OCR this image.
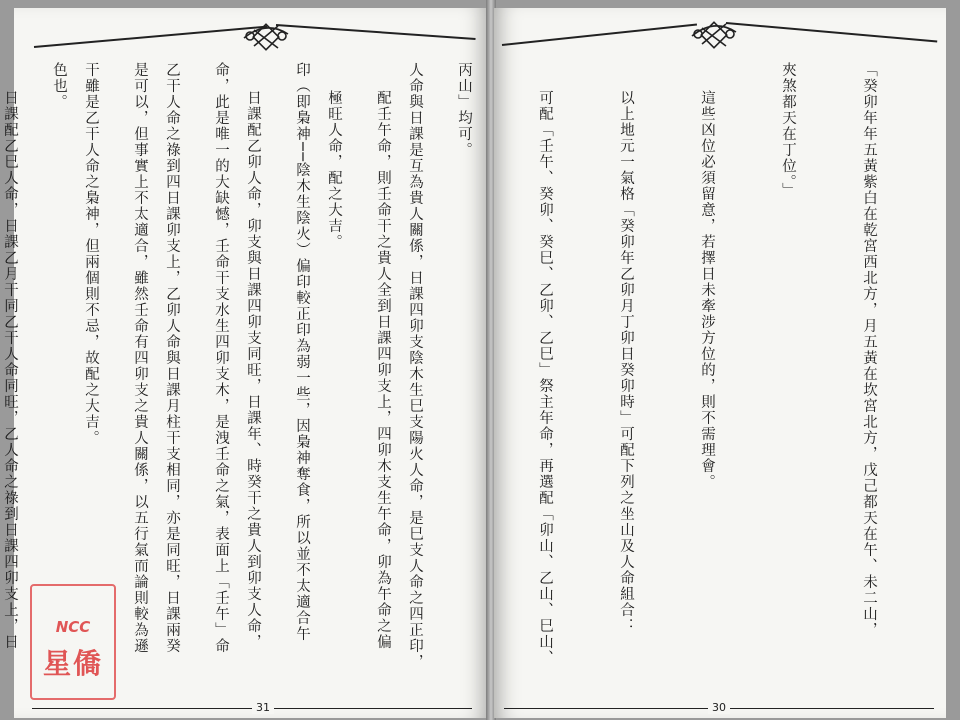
人命與日課是互為貴人關係，日課四卯支陰木生巳支陽火人命，是巳支人命之四正印，

極旺人命，配之大吉。

日課配乙卯人命，卯支與日課四卯支同旺，日課年、時癸干之貴人到卯支人命，

乙干人命之祿到四日課卯支上，乙卯人命與日課月柱干支相同，亦是同旺，日課兩癸

干雖是乙干人命之梟神，但兩個則不忌，故配之大吉。

日課配乙巳人命，日課乙月干同乙干人命同旺，乙人命之祿到日課四卯支上，日

31

「癸卯年年五黃紫白在乾宮西北方，月五黃在坎宮北方，戊己都天在午、未二山，

夾煞都天在丁位。」

這些凶位必須留意，若擇日未牽涉方位的，則不需理會。

以上地元一氣格「癸卯年乙卯月丁卯日癸卯時」可配下列之坐山及人命組合：

可配「壬午、癸卯、癸巳、乙卯、乙巳」祭主年命，再選配「卯山、乙山、巳山、

丙山」均可。

配壬午命，則壬命干之貴人全到日課四卯支上，四卯木支生午命，卯為午命之偏

印（即梟神──陰木生陰火）偏印較正印為弱一些，因梟神奪食，所以並不太適合午

命，此是唯一的大缺憾，壬命干支水生四卯支木，是洩壬命之氣，表面上「壬午」命

是可以，但事實上不太適合，雖然壬命有四卯支之貴人關係，以五行氣而論則較為遜

色也。

30
NCC
星僑
